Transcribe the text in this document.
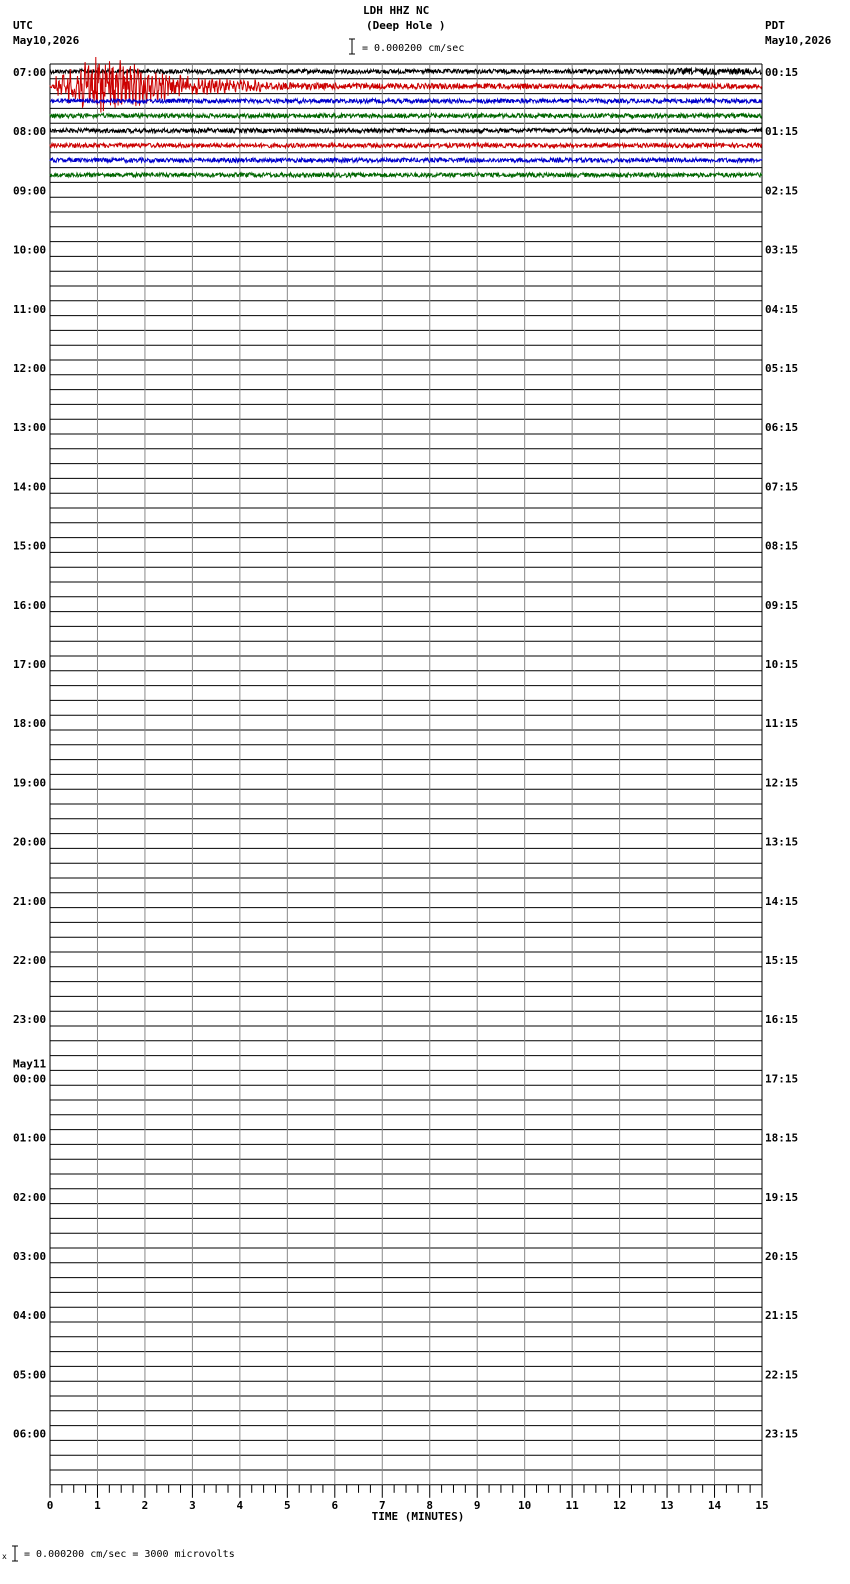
LDH HHZ NC
(Deep Hole )
= 0.000200 cm/sec
UTC
May10,2026
PDT
May10,2026
= 0.000200 cm/sec = 3000 microvolts
x
0	1	2	3	4	5	6	7	8	9	10	11	12	13	14	15
TIME (MINUTES)
07:00	00:15
08:00	01:15
09:00	02:15
10:00	03:15
11:00	04:15
12:00	05:15
13:00	06:15
14:00	07:15
15:00	08:15
16:00	09:15
17:00	10:15
18:00	11:15
19:00	12:15
20:00	13:15
21:00	14:15
22:00	15:15
23:00	16:15
00:00	17:15
May11
01:00	18:15
02:00	19:15
03:00	20:15
04:00	21:15
05:00	22:15
06:00	23:15
